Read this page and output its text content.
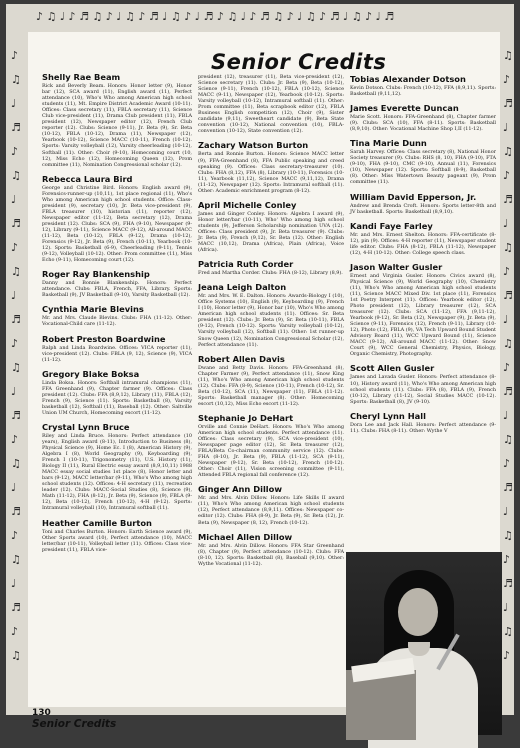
♪ ♫ ♩ ♪ ♬ ♫ ♪ ♩ ♫ ♪ ♬ ♩ ♫ ♪ ♩ ♬ ♪ ♫ ♩ ♪ ♬ ♫ ♪ ♩ ♫ ♪ ♬ ♩ ♫ ♪ ♩ ♬
♪ ♫ ♩ ♬ ♪ ♫ ♩ ♬ ♪ ♫ ♩ ♬ ♪ ♫ ♩ ♬ ♪ ♫ ♩ ♬ ♪ ♫ ♩ ♬ ♪ ♫
♫ ♪ ♬ ♩ ♫ ♪ ♬ ♩ ♫ ♪ ♬ ♩ ♫ ♪ ♬ ♩ ♫ ♪ ♬ ♩ ♫ ♪ ♬ ♩ ♫ ♪
Senior Credits
Shelly Rae Beam
Rick and Beverly Beam. Honors: Honor letter (9), Honor bar (12), SCA award (11), English award (11), Perfect attendance (10), Who's Who among American high school students (11), Mt. Empire District Academic Award (10-11). Offices: Class secretary (11), FBLA secretary (11), Science Club vice-president (11), Drama Club president (11), FBLA president (12), Newspaper editor (12), French Club reporter (12). Clubs: Science (9-11), Jr. Beta (9), Sr. Beta (10-12), FBLA (10-12), Drama (11), Newspaper (12), Yearbook (10-12), Science MACC (10-11), French (10-12). Sports: Varsity volleyball (12), Varsity cheerleading (10-12), Softball (11). Other: Choir (9-10), Homecoming court (10, 12), Miss Echo (12), Homecoming Queen (12), Prom committee (11), Nomination Congressional scholar (12).
Rebecca Laura Bird
George and Christine Bird. Honors: English award (9), Forensics-runner-up (10,11), 1st place regional (11), Who's Who among American high school students. Office: Class-president (9), secretary (10), Jr. Beta vice-president (9), FBLA treasurer (10), historian (11), reporter (12), Newspaper editor (11-12), Beta secretary (12), Drama president (12). Clubs: SCA (9), FHA (9-10), Newspaper (9-12), Library (9-11), Science MACC (9-12), All-around MACC (11-12), Beta (10-12), FBLA (9-12), Drama (10-12), Forensics (9-12), Jr. Beta (9), French (10-11), Yearbook (10-12). Sports: Basketball (6-9), Cheerleading (9-11), Tennis (9-12), Volleyball (10-12). Other: Prom committee (11), Miss Echo (9-11), Homecoming court (12).
Roger Ray Blankenship
Danny and Bonnie Blankenship. Honors: Perfect attendance. Clubs: FBLA, French, FFA, Library. Sports: Basketball (9), JV Basketball (9-10), Varsity Basketball (12).
Cynthia Marie Blevins
Mr. and Mrs. Claude Blevins. Clubs: FHA (11-12). Other: Vocational-Child care (11-12).
Robert Preston Boardwine
Ralph and Linda Boardwine. Offices: VICA reporter (11), vice-president (12). Clubs: FBLA (9, 12), Science (9), VICA (11-12).
Gregory Blake Boksa
Linda Boksa. Honors: Softball intramural champions (11), FFA Greenhand (9), Chapter farmer (9). Offices: Class president (12). Clubs: FFA (8,9,12), Library (11), FBLA (12), French (9), Science (11). Sports: Basketball (8), Varsity basketball (12), Softball (11), Baseball (12). Other: Saltville Union UM Church, Homecoming escort (11-12).
Crystal Lynn Bruce
Riley and Linda Bruce. Honors: Perfect attendance (10 years), English award (8-11), Introduction to Business (8), Physical Science (9), Home Ec. I (8), American History (9), Algebra I (8), World Geography (9), Keyboarding (9), French I (10-11), Trigonometry (11), U.S. History (11), Biology II (11), Rural Electric essay award (8,9,10,11) 1988 MACC essay social studies 1st place (8), Honor letter and bars (9-12), MACC letter/bar (9-11), Who's Who among high school students (12). Offices: 4-H secretary (11), recreation leader (12). Clubs: MACC-Social Studies (8), Science (9), Math (11-12), FHA (8-12), Jr. Beta (9), Science (9), FBLA (9-12), Beta (10-12), French (10-12), 4-H (9-12). Sports: Intramural volleyball (10), Intramural softball (11).
Heather Camille Burton
Toni and Charles Burton. Honors: Earth Science award (9), Other Sports award (10), Perfect attendance (10), MACC letter/bar (10-11), Volleyball letter (11). Offices: Class vice-president (11), FBLA vice-
president (12), treasurer (11), Beta vice-president (12), Science secretary (11). Clubs: Jr. Beta (9), Beta (10-12), Science (9-11), French (10-12), FBLA (10-12), Science MACC (9-11), Newspaper (12), Yearbook (10-12). Sports: Varsity volleyball (10-12), Intramural softball (11). Other: Prom committee (11), Beta scrapbook editor (12), FBLA Business English competition (12), Choir (9), Sister candidate (9,11), Sweetheart candidate (9), Beta State convention (10-12), National convention (10), FBLA-convention (10-12), State convention (12).
Zachary Watson Burton
Berta and Ronnie Burton. Honors: Science MACC letter (9), FFA-Greenhand (8), FFA Public speaking and creed speaking (9). Offices: Class secretary-treasurer (10). Clubs: FHA (8,12), FFA (8), Library (10-11), Forensics (10-11), Yearbook (11,12), Science MACC (9,11,12), Drama (11-12), Newspaper (12). Sports: Intramural softball (11). Other: Academic enrichment program (8-12).
April Michelle Conley
James and Ginger Conley. Honors: Algebra I award (9), Honor letter/bar (10-11), Who' Who among high school students (9), Jefferson Scholarship nomination UVA (12). Offices: Class president (9), Jr. Beta treasurer (9). Clubs: Jr. Beta (9), French (9,12), Sr. Beta (12). Other: English MACC (10,12), Drama (Africa), Plain (Africa), Voice (Africa).
Patricia Ruth Corder
Fred and Martha Corder. Clubs: FHA (8-12), Library (8,9).
Jeana Leigh Dalton
Mr. and Mrs. W. E. Dalton. Honors: Awards-Biology I (10), Office Systems (10), English (9), Keyboarding (9), French I (10), Honor letter (9), Honor bar (10), Who's Who among American high school students (11). Offices: Sr. Beta president (12). Clubs: Jr. Beta (9), Sr. Beta (10-11), FBLA (9-12), French (10-12). Sports: Varsity volleyball (10-12), Varsity volleyball (12), Softball (11). Other: 1st runner-up Snow Queen (12), Nomination Congressional Scholar (12), Perfect attendance (11).
Robert Allen Davis
Dwane and Betty Davis. Honors: FFA-Greenhand (8), Chapter Farmer (9), Perfect attendance (11), Snow King (11), Who's Who among American high school students (12). Clubs: FFA (8-9), Science (10-11), French (10-12), Sr. Beta (10-12), SCA (11), Newspaper (11), FBLA (11-12). Sports: Basketball manager (8). Other: Homecoming escort (10,12), Miss Echo escort (11-12).
Stephanie Jo DeHart
Orville and Connie DeHart. Honors: Who's Who among American high school students. Perfect attendance (11). Offices: Class secretary (9), SCA vice-president (10), Newspaper page editor (12), Sr. Beta treasurer (12), FBLA/Beta Co-chairman community service (12). Clubs: FHA (8-10), Jr. Beta (9), FBLA (11-12), SCA (9-11), Newspaper (9-12), Sr. Beta (10-12), French (10-12). Other: Choir (11), Vision screening committee (9-11), Attended FBLA regional fall conference (12).
Ginger Ann Dillow
Mr. and Mrs. Alvin Dillow. Honors: Life Skills II award (11), Who's Who among American high school students (12), Perfect attendance (8,9,11). Offices: Newspaper co-editor (12). Clubs: FHA (8-9), Jr. Beta (9), Sr. Beta (12), Jr. Beta (9), Newspaper (8, 12), French (10-12).
Michael Allen Dillow
Mr. and Mrs. Alvin Dillow. Honors: FFA Star Greenhand (8), Chapter (9), Perfect attendance (10-12). Clubs: FFA (8-10, 12). Sports: Basketball (8), Baseball (9,10). Other: Wythe Vocational (11-12).
Tobias Alexander Dotson
Kevin Dotson. Clubs: French (10-12), FFA (8,9,11). Sports: Basketball (9,11,12).
James Everette Duncan
Marie Scott. Honors: FFA-Greenhand (8), Chapter farmer (9). Clubs: SCA (10), FFA (8-11). Sports: Basketball (8,9,10). Other: Vocational Machine Shop I,II (11-12).
Tina Marie Dunn
Sarah Harvey. Offices: Class secretary (8), National Honor Society treasurer (9). Clubs: RHS (8, 10), FHA (9-10), FTA (9-10), FHA (9-10), CMC (9-10), Annual (11), Forensics (10), Newspaper (12). Sports: Softball (8-9), Basketball (8). Other: Miss Watertown Beauty pageant (9), Prom committee (11).
William David Epperson, Jr.
Andrew and Brenda Croft. Honors: Sports letter-8th and JV basketball. Sports: Basketball (8,9,10).
Kandi Faye Farley
Mr. and Mrs. Ernest Shelton. Honors: FFA-certificate (8-12), pin (9). Offices: 4-H reporter (11), Newspaper student life editor. Clubs: FHA (8-12), FBLA (11-12), Newspaper (12), 4-H (10-12). Other: College speech class.
Jason Walter Gusler
Ernest and Virginia Gusler. Honors: Civics award (8), Physical Science (9), World Geography (10), Chemistry (11), Who's Who among American high school students (11), Science MACC Mixed Div. 1st place (11), Forensics 1st Poetry Interpret (11). Offices: Yearbook editor (12), Photo president (12), Library treasurer (12), SCA treasurer (12). Clubs: SCA (11-12), FFA (9,11-12), Yearbook (9-12), Sr. Beta (12), Newspaper (9), Jr. Beta (9), Science (9-11), Forensics (12), French (9-11), Library (10-12), Photo (12), FBLA (9), VA Tech Upward Bound Student Advisory Board (11), WCC Upward Bound (11), Science MACC (9-12), All-around MACC (11-12). Other: Snow Court (9), WCC General Chemistry, Physics, Biology, Organic Chemistry, Photography.
Scott Allen Gusler
James and Lavada Gusler. Honors: Perfect attendance (8-10), History award (11), Who's Who among American high school students (11). Clubs: FFA (8), FBLA (9), French (10-12), Library (11-12), Social Studies MACC (10-12). Sports: Basketball (8), JV (9-10).
Cheryl Lynn Hall
Dora Lee and Jack Hall. Honors: Perfect attendance (9-11). Clubs: FHA (8-11). Other: Wythe V
130
Senior Credits
